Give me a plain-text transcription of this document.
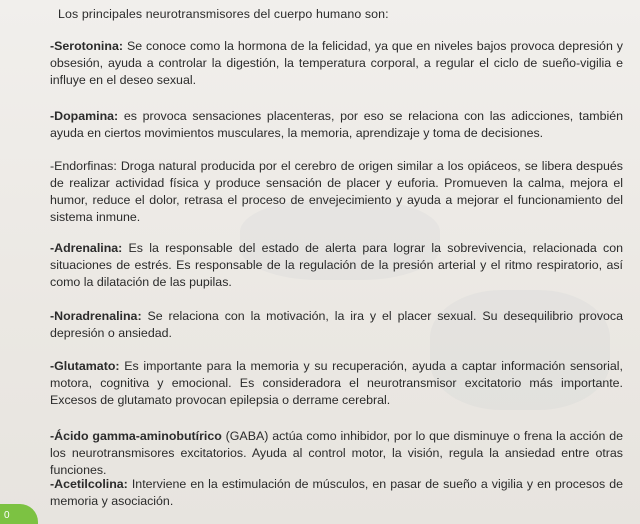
Los principales neurotransmisores del cuerpo humano son:
-Serotonina: Se conoce como la hormona de la felicidad, ya que en niveles bajos provoca depresión y obsesión, ayuda a controlar la digestión, la temperatura corporal, a regular el ciclo de sueño-vigilia e influye en el deseo sexual.
-Dopamina: es provoca sensaciones placenteras, por eso se relaciona con las adicciones, también ayuda en ciertos movimientos musculares, la memoria, aprendizaje y toma de decisiones.
-Endorfinas: Droga natural producida por el cerebro de origen similar a los opiáceos, se libera después de realizar actividad física y produce sensación de placer y euforia. Promueven la calma, mejora el humor, reduce el dolor, retrasa el proceso de envejecimiento y ayuda a mejorar el funcionamiento del sistema inmune.
-Adrenalina: Es la responsable del estado de alerta para lograr la sobrevivencia, relacionada con situaciones de estrés. Es responsable de la regulación de la presión arterial y el ritmo respiratorio, así como la dilatación de las pupilas.
-Noradrenalina: Se relaciona con la motivación, la ira y el placer sexual. Su desequilibrio provoca depresión o ansiedad.
-Glutamato: Es importante para la memoria y su recuperación, ayuda a captar información sensorial, motora, cognitiva y emocional. Es consideradora el neurotransmisor excitatorio más importante. Excesos de glutamato provocan epilepsia o derrame cerebral.
-Ácido gamma-aminobutírico (GABA) actúa como inhibidor, por lo que disminuye o frena la acción de los neurotransmisores excitatorios. Ayuda al control motor, la visión, regula la ansiedad entre otras funciones.
-Acetilcolina: Interviene en la estimulación de músculos, en pasar de sueño a vigilia y en procesos de memoria y asociación.
0
